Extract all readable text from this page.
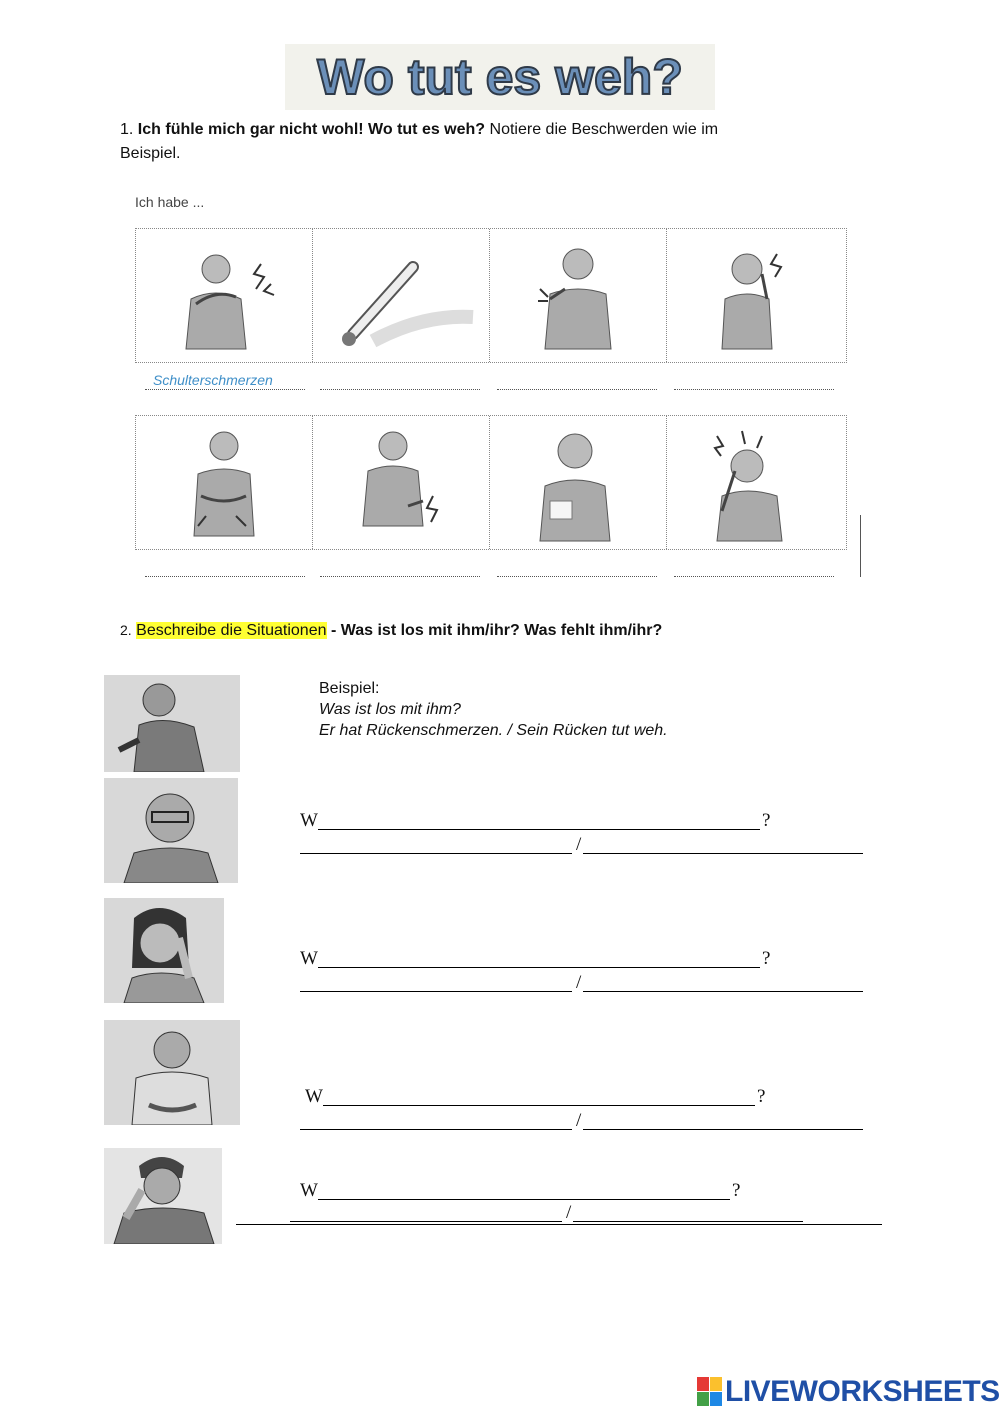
Wo tut es weh?
1. Ich fühle mich gar nicht wohl! Wo tut es weh? Notiere die Beschwerden wie im
Beispiel.
Ich habe ...
Schulterschmerzen
2. Beschreibe die Situationen - Was ist los mit ihm/ihr? Was fehlt ihm/ihr?
Beispiel:
Was ist los mit ihm?
Er hat Rückenschmerzen. / Sein Rücken tut weh.
W	?
/
W	?
/
W	?
/
W	?
/
LIVEWORKSHEETS
